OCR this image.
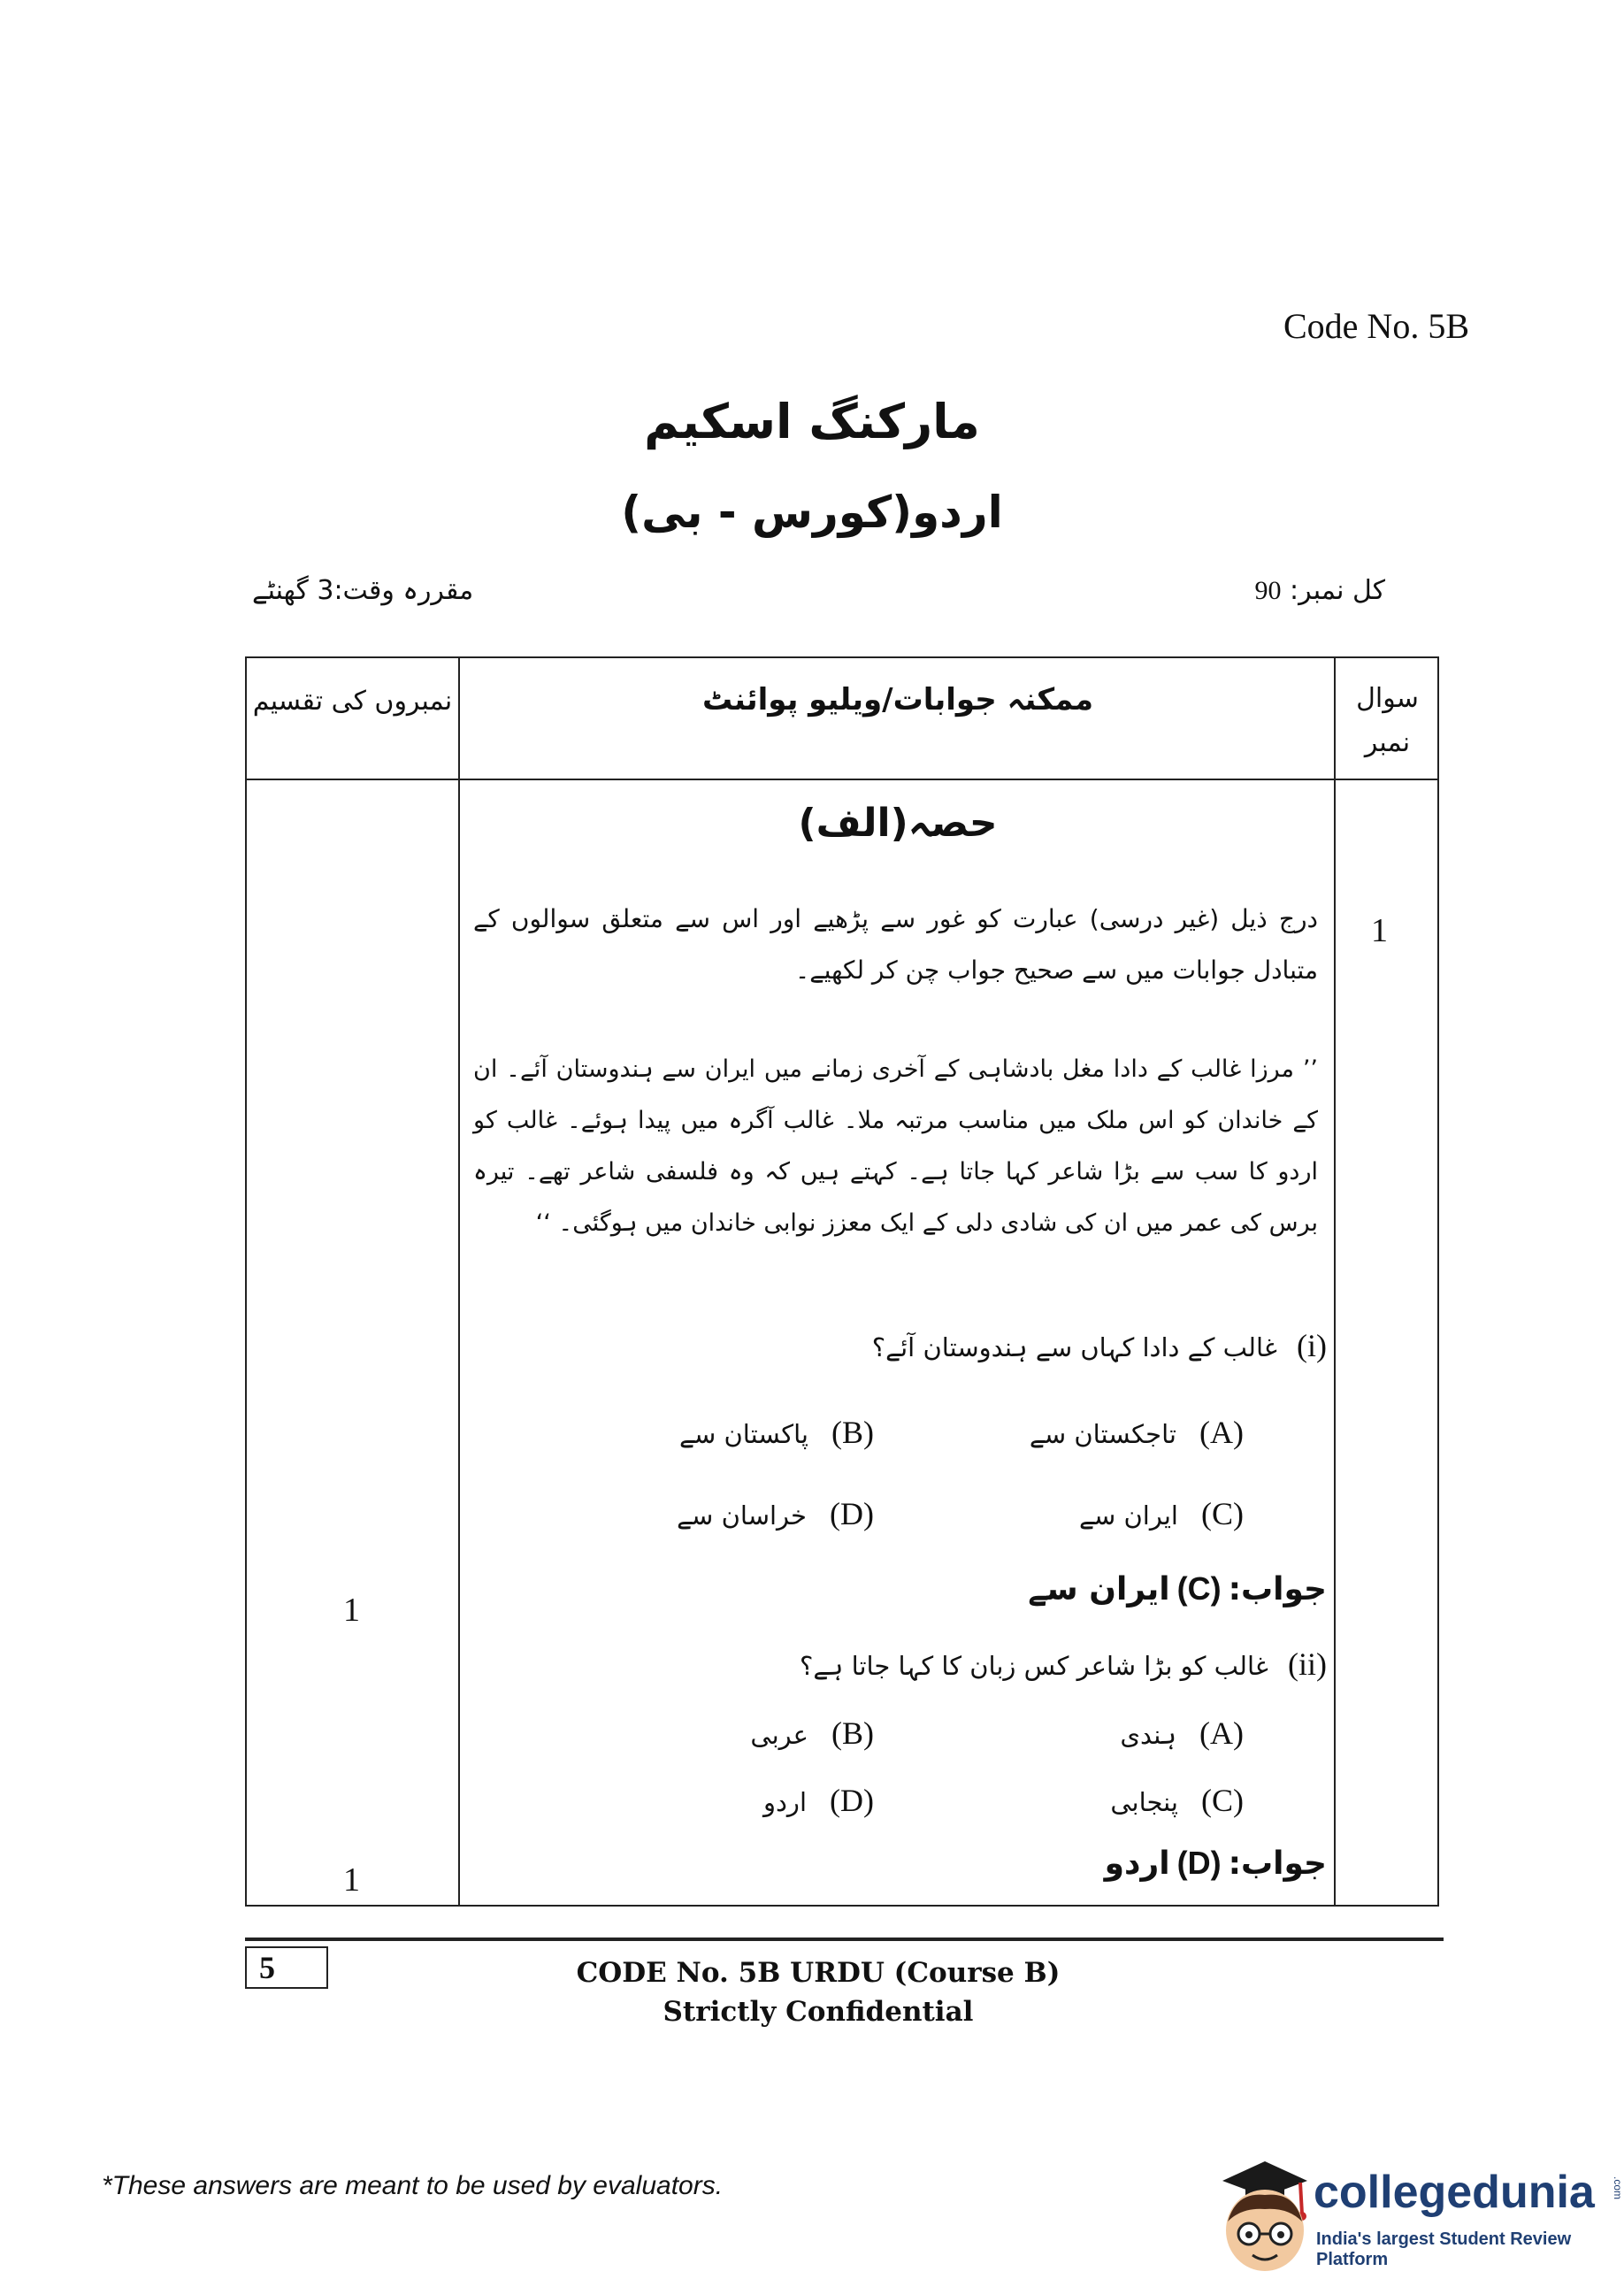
Code No. 5B
مارکنگ اسکیم
اردو(کورس - بی)
کل نمبر: 90
مقررہ وقت:3 گھنٹے
سوال نمبر
ممکنہ جوابات/ویلیو پوائنٹ
نمبروں کی تقسیم
حصہ(الف)
1
درج ذیل (غیر درسی) عبارت کو غور سے پڑھیے اور اس سے متعلق سوالوں کے متبادل جوابات میں سے صحیح جواب چن کر لکھیے۔
’’ مرزا غالب کے دادا مغل بادشاہی کے آخری زمانے میں ایران سے ہندوستان آئے۔ ان کے خاندان کو اس ملک میں مناسب مرتبہ ملا۔ غالب آگرہ میں پیدا ہوئے۔ غالب کو اردو کا سب سے بڑا شاعر کہا جاتا ہے۔ کہتے ہیں کہ وہ فلسفی شاعر تھے۔ تیرہ برس کی عمر میں ان کی شادی دلی کے ایک معزز نوابی خاندان میں ہوگئی۔ ‘‘
(i)غالب کے دادا کہاں سے ہندوستان آئے؟
(A)تاجکستان سے
(B)پاکستان سے
(C)ایران سے
(D)خراسان سے
جواب:(C)ایران سے
1
(ii)غالب کو بڑا شاعر کس زبان کا کہا جاتا ہے؟
(A)ہندی
(B)عربی
(C)پنجابی
(D)اردو
جواب:(D)اردو
1
5	CODE No. 5B URDU (Course B)
Strictly Confidential
*These answers are meant to be used by evaluators.	collegedunia
India's largest Student Review Platform
.com
